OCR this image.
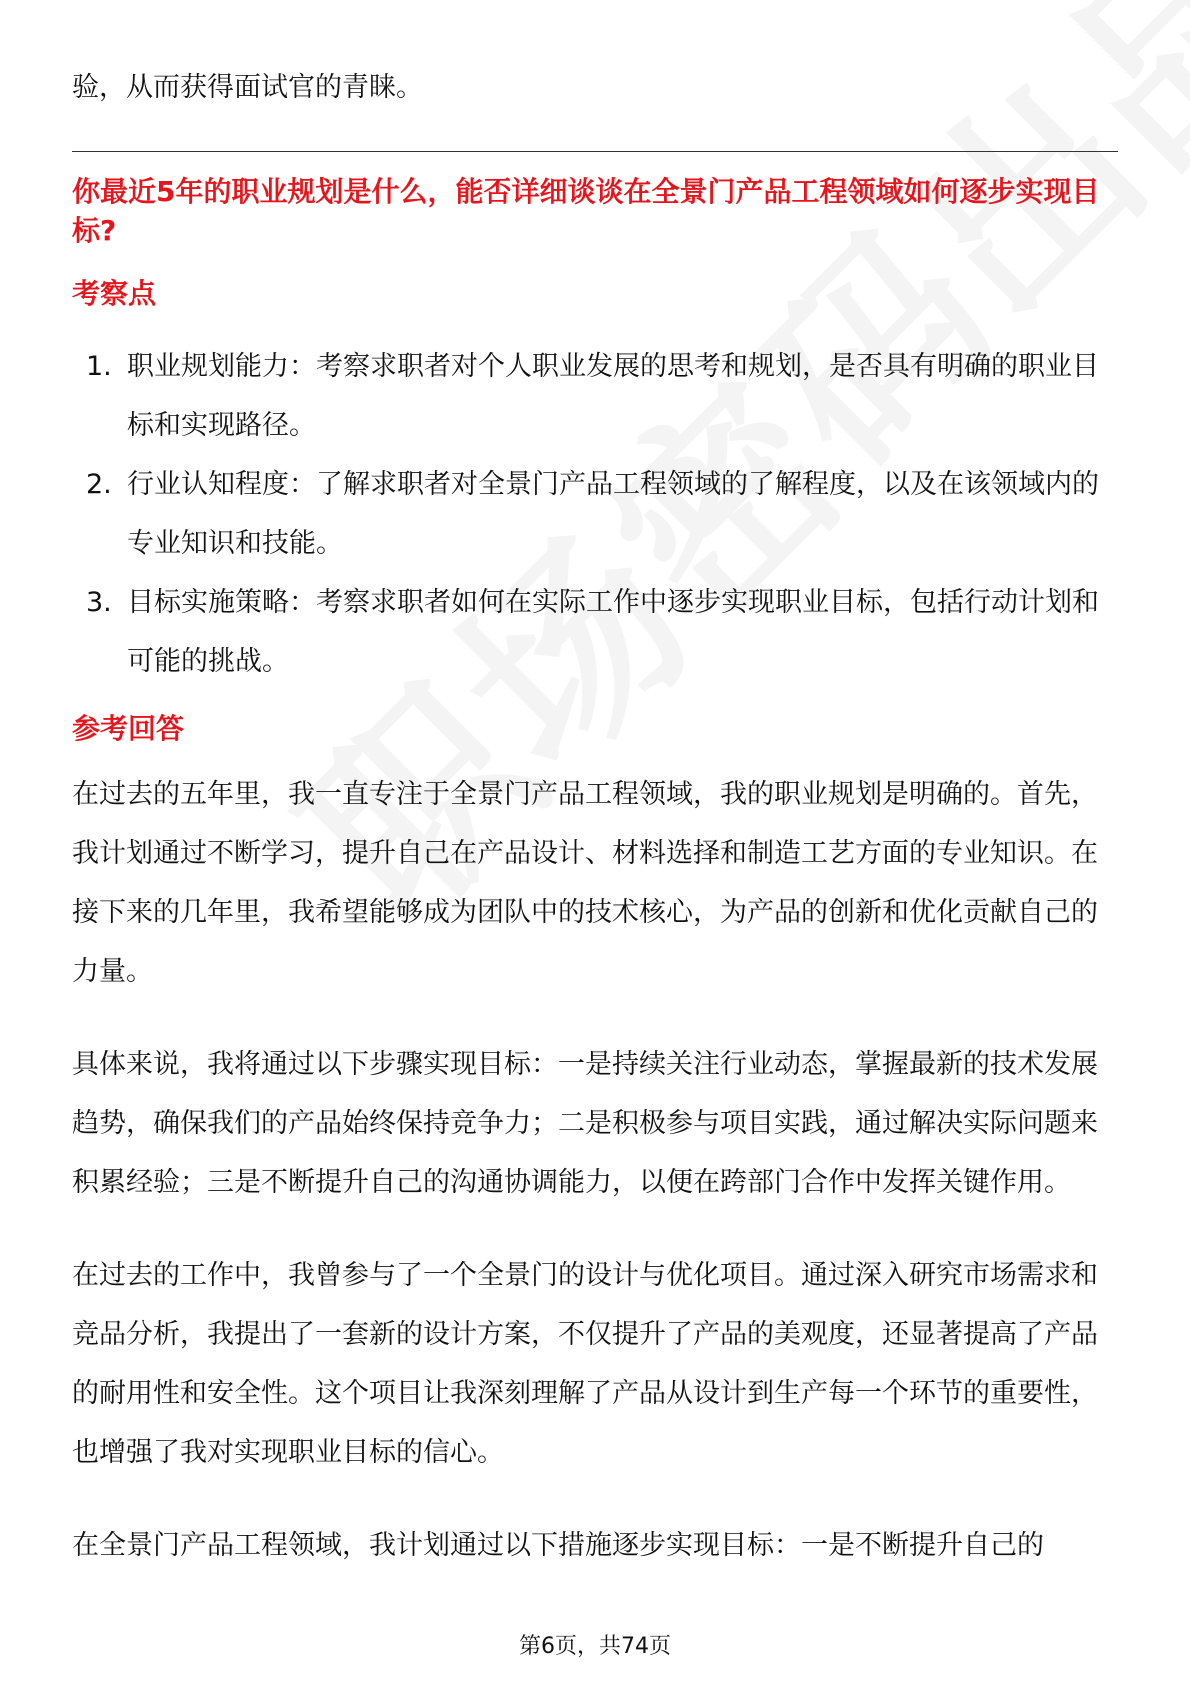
验，从而获得面试官的青睐。

你最近5年的职业规划是什么，能否详细谈谈在全景门产品工程领域如何逐步实现目标?
考察点
1. 职业规划能力：考察求职者对个人职业发展的思考和规划，是否具有明确的职业目标和实现路径。
2. 行业认知程度：了解求职者对全景门产品工程领域的了解程度，以及在该领域内的专业知识和技能。
3. 目标实施策略：考察求职者如何在实际工作中逐步实现职业目标，包括行动计划和可能的挑战。
参考回答

在过去的五年里，我一直专注于全景门产品工程领域，我的职业规划是明确的。首先，我计划通过不断学习，提升自己在产品设计、材料选择和制造工艺方面的专业知识。在接下来的几年里，我希望能够成为团队中的技术核心，为产品的创新和优化贡献自己的力量。

具体来说，我将通过以下步骤实现目标：一是持续关注行业动态，掌握最新的技术发展趋势，确保我们的产品始终保持竞争力；二是积极参与项目实践，通过解决实际问题来积累经验；三是不断提升自己的沟通协调能力，以便在跨部门合作中发挥关键作用。

在过去的工作中，我曾参与了一个全景门的设计与优化项目。通过深入研究市场需求和竞品分析，我提出了一套新的设计方案，不仅提升了产品的美观度，还显著提高了产品的耐用性和安全性。这个项目让我深刻理解了产品从设计到生产每一个环节的重要性，也增强了我对实现职业目标的信心。

在全景门产品工程领域，我计划通过以下措施逐步实现目标：一是不断提升自己的

第6页，共74页
